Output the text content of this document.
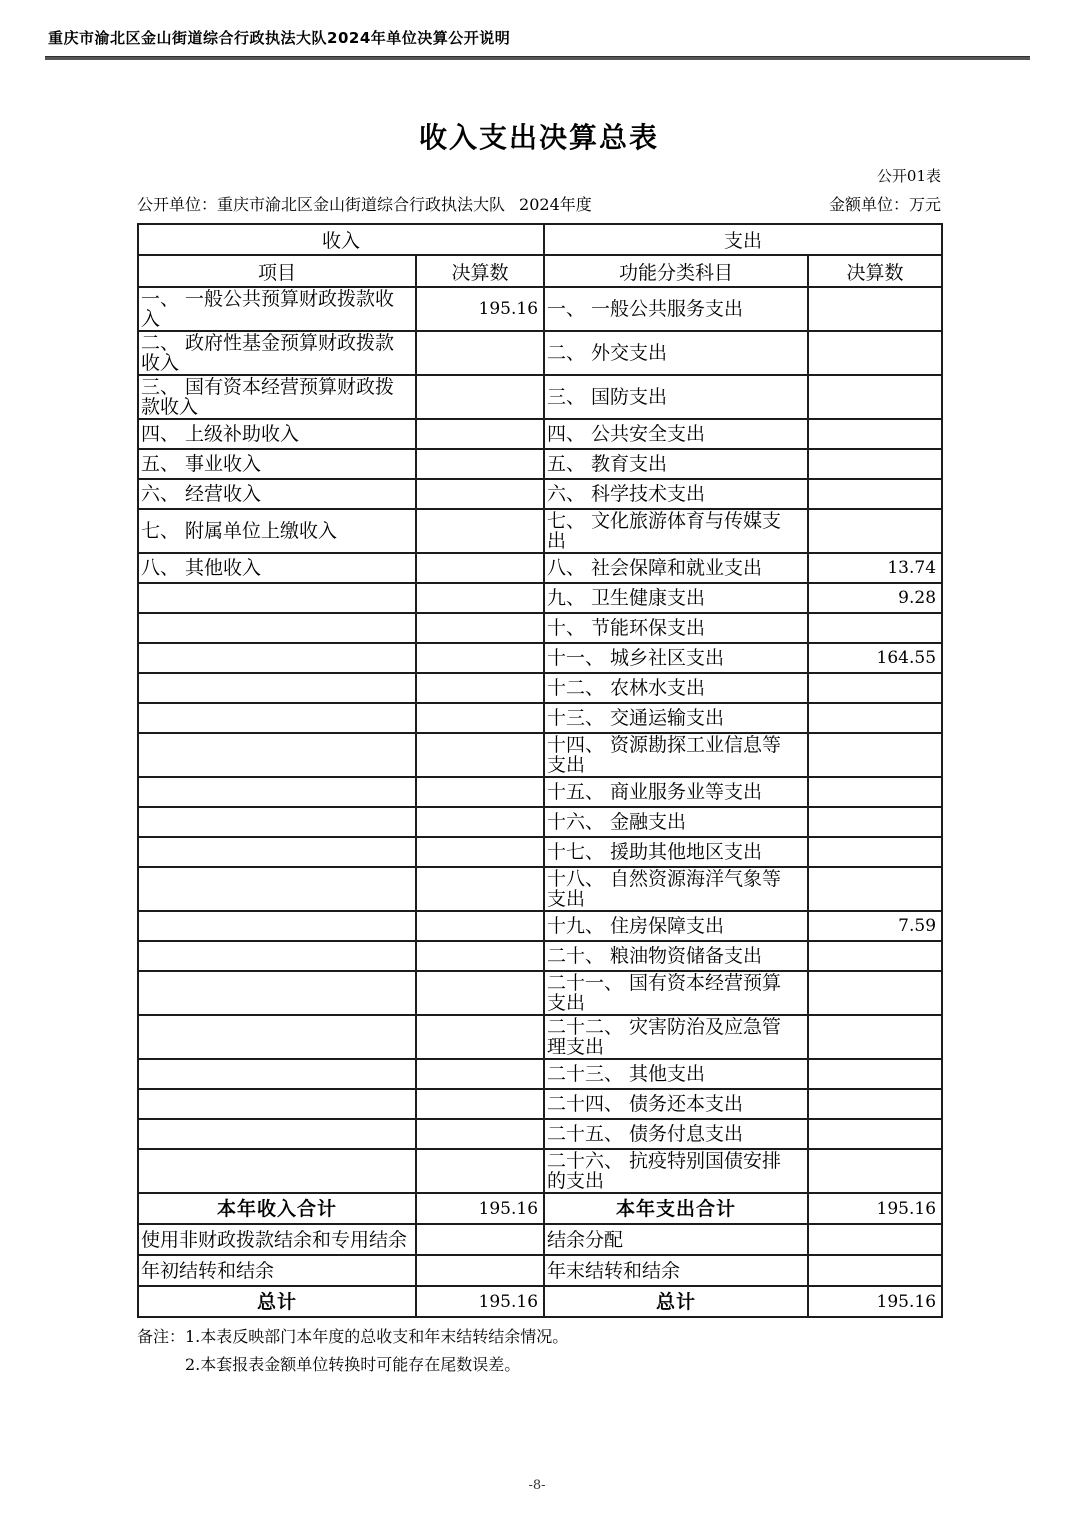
重庆市渝北区金山街道综合行政执法大队2024年单位决算公开说明
收入支出决算总表
公开01表
公开单位：重庆市渝北区金山街道综合行政执法大队 2024年度	金额单位：万元
收入		支出	
项目	决算数	功能分类科目	决算数
一、 一般公共预算财政拨款收入	195.16	一、 一般公共服务支出	
二、 政府性基金预算财政拨款收入		二、 外交支出	
三、 国有资本经营预算财政拨款收入		三、 国防支出	
四、 上级补助收入		四、 公共安全支出	
五、 事业收入		五、 教育支出	
六、 经营收入		六、 科学技术支出	
七、 附属单位上缴收入		七、 文化旅游体育与传媒支出	
八、 其他收入		八、 社会保障和就业支出	13.74
		九、 卫生健康支出	9.28
		十、 节能环保支出	
		十一、 城乡社区支出	164.55
		十二、 农林水支出	
		十三、 交通运输支出	
		十四、 资源勘探工业信息等支出	
		十五、 商业服务业等支出	
		十六、 金融支出	
		十七、 援助其他地区支出	
		十八、 自然资源海洋气象等支出	
		十九、 住房保障支出	7.59
		二十、 粮油物资储备支出	
		二十一、 国有资本经营预算支出	
		二十二、 灾害防治及应急管理支出	
		二十三、 其他支出	
		二十四、 债务还本支出	
		二十五、 债务付息支出	
		二十六、 抗疫特别国债安排的支出	
本年收入合计	195.16	本年支出合计	195.16
使用非财政拨款结余和专用结余		结余分配	
年初结转和结余		年末结转和结余	
总计	195.16	总计	195.16
备注：1.本表反映部门本年度的总收支和年末结转结余情况。
2.本套报表金额单位转换时可能存在尾数误差。
-8-
